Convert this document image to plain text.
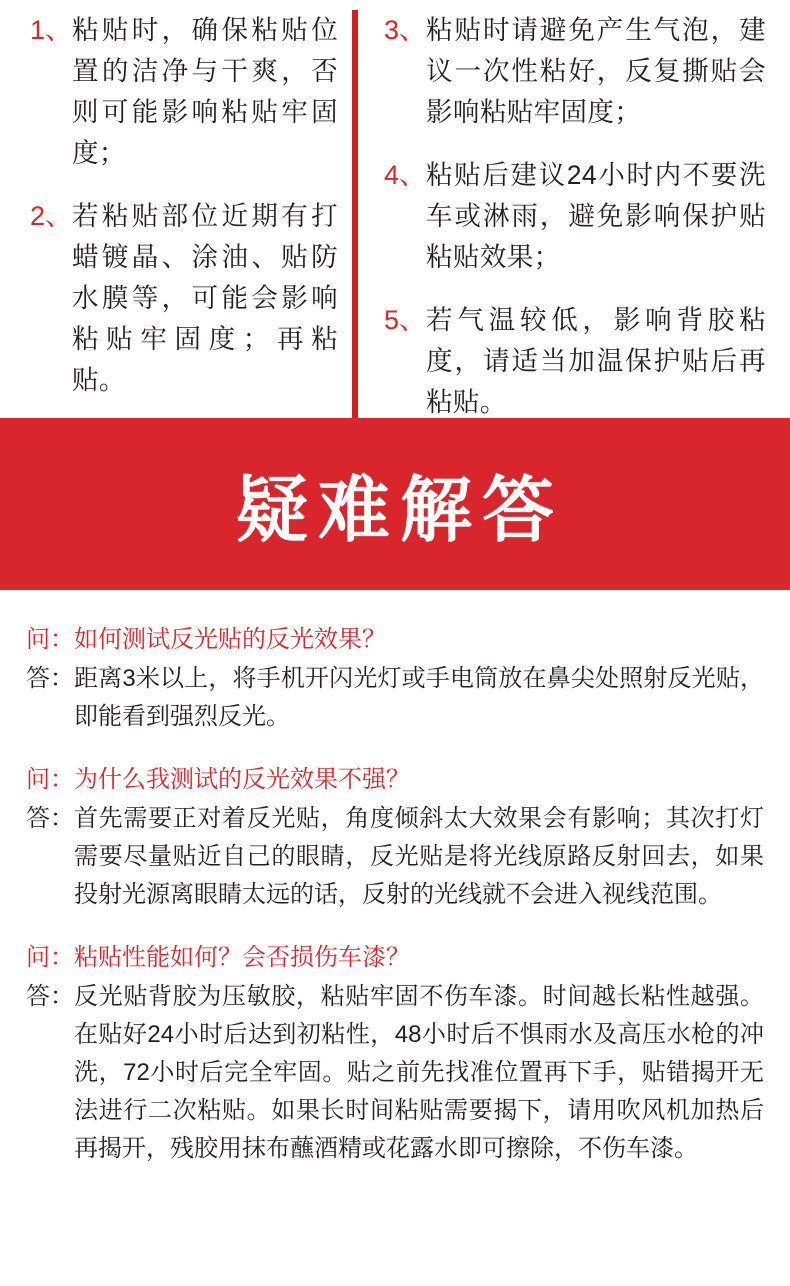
1、 粘贴时，确保粘贴位置的洁净与干爽，否则可能影响粘贴牢固度；
2、 若粘贴部位近期有打蜡镀晶、涂油、贴防水膜等，可能会影响粘贴牢固度；再粘贴。
3、 粘贴时请避免产生气泡，建议一次性粘好，反复撕贴会影响粘贴牢固度；
4、 粘贴后建议24小时内不要洗车或淋雨，避免影响保护贴粘贴效果；
5、 若气温较低，影响背胶粘度，请适当加温保护贴后再粘贴。
疑难解答
问：如何测试反光贴的反光效果？
答： 距离3米以上，将手机开闪光灯或手电筒放在鼻尖处照射反光贴，即能看到强烈反光。
问：为什么我测试的反光效果不强？
答： 首先需要正对着反光贴，角度倾斜太大效果会有影响；其次打灯需要尽量贴近自己的眼睛，反光贴是将光线原路反射回去，如果投射光源离眼睛太远的话，反射的光线就不会进入视线范围。
问：粘贴性能如何？会否损伤车漆？
答： 反光贴背胶为压敏胶，粘贴牢固不伤车漆。时间越长粘性越强。在贴好24小时后达到初粘性，48小时后不惧雨水及高压水枪的冲洗，72小时后完全牢固。贴之前先找准位置再下手，贴错揭开无法进行二次粘贴。如果长时间粘贴需要揭下，请用吹风机加热后再揭开，残胶用抹布蘸酒精或花露水即可擦除，不伤车漆。
